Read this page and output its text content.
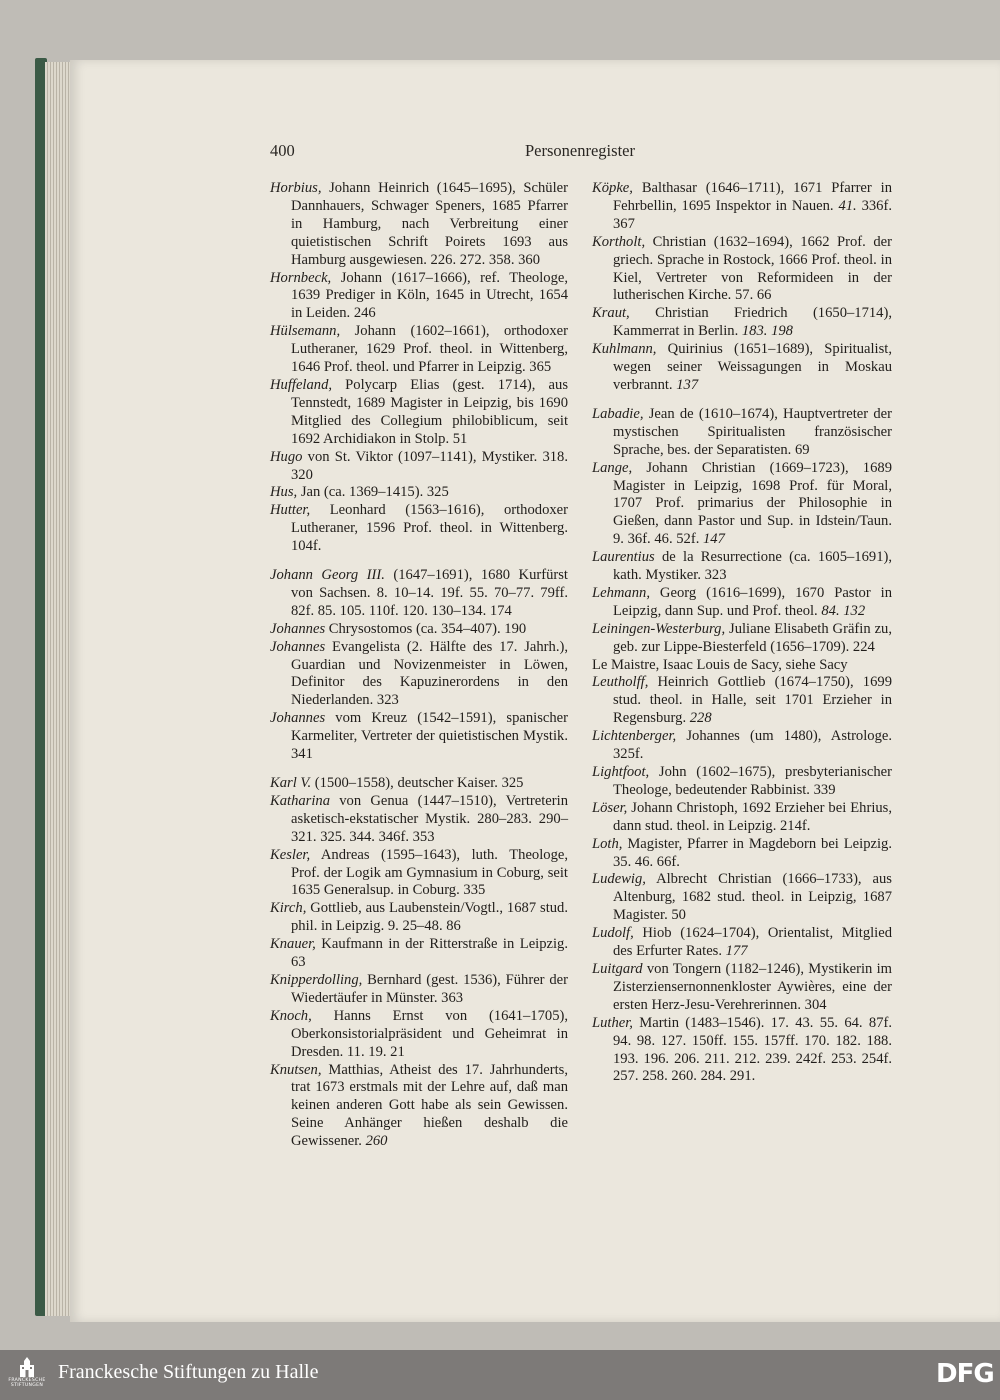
400	Personenregister
Horbius, Johann Heinrich (1645–1695), Schüler Dannhauers, Schwager Speners, 1685 Pfarrer in Hamburg, nach Verbreitung einer quietistischen Schrift Poirets 1693 aus Hamburg ausgewiesen. 226. 272. 358. 360
Hornbeck, Johann (1617–1666), ref. Theologe, 1639 Prediger in Köln, 1645 in Utrecht, 1654 in Leiden. 246
Hülsemann, Johann (1602–1661), orthodoxer Lutheraner, 1629 Prof. theol. in Wittenberg, 1646 Prof. theol. und Pfarrer in Leipzig. 365
Huffeland, Polycarp Elias (gest. 1714), aus Tennstedt, 1689 Magister in Leipzig, bis 1690 Mitglied des Collegium philobiblicum, seit 1692 Archidiakon in Stolp. 51
Hugo von St. Viktor (1097–1141), Mystiker. 318. 320
Hus, Jan (ca. 1369–1415). 325
Hutter, Leonhard (1563–1616), orthodoxer Lutheraner, 1596 Prof. theol. in Wittenberg. 104f.
Johann Georg III. (1647–1691), 1680 Kurfürst von Sachsen. 8. 10–14. 19f. 55. 70–77. 79ff. 82f. 85. 105. 110f. 120. 130–134. 174
Johannes Chrysostomos (ca. 354–407). 190
Johannes Evangelista (2. Hälfte des 17. Jahrh.), Guardian und Novizenmeister in Löwen, Definitor des Kapuzinerordens in den Niederlanden. 323
Johannes vom Kreuz (1542–1591), spanischer Karmeliter, Vertreter der quietistischen Mystik. 341
Karl V. (1500–1558), deutscher Kaiser. 325
Katharina von Genua (1447–1510), Vertreterin asketisch-ekstatischer Mystik. 280–283. 290–321. 325. 344. 346f. 353
Kesler, Andreas (1595–1643), luth. Theologe, Prof. der Logik am Gymnasium in Coburg, seit 1635 Generalsup. in Coburg. 335
Kirch, Gottlieb, aus Laubenstein/Vogtl., 1687 stud. phil. in Leipzig. 9. 25–48. 86
Knauer, Kaufmann in der Ritterstraße in Leipzig. 63
Knipperdolling, Bernhard (gest. 1536), Führer der Wiedertäufer in Münster. 363
Knoch, Hanns Ernst von (1641–1705), Oberkonsistorialpräsident und Geheimrat in Dresden. 11. 19. 21
Knutsen, Matthias, Atheist des 17. Jahrhunderts, trat 1673 erstmals mit der Lehre auf, daß man keinen anderen Gott habe als sein Gewissen. Seine Anhänger hießen deshalb die Gewissener. 260
Köpke, Balthasar (1646–1711), 1671 Pfarrer in Fehrbellin, 1695 Inspektor in Nauen. 41. 336f. 367
Kortholt, Christian (1632–1694), 1662 Prof. der griech. Sprache in Rostock, 1666 Prof. theol. in Kiel, Vertreter von Reformideen in der lutherischen Kirche. 57. 66
Kraut, Christian Friedrich (1650–1714), Kammerrat in Berlin. 183. 198
Kuhlmann, Quirinius (1651–1689), Spiritualist, wegen seiner Weissagungen in Moskau verbrannt. 137
Labadie, Jean de (1610–1674), Hauptvertreter der mystischen Spiritualisten französischer Sprache, bes. der Separatisten. 69
Lange, Johann Christian (1669–1723), 1689 Magister in Leipzig, 1698 Prof. für Moral, 1707 Prof. primarius der Philosophie in Gießen, dann Pastor und Sup. in Idstein/Taun. 9. 36f. 46. 52f. 147
Laurentius de la Resurrectione (ca. 1605–1691), kath. Mystiker. 323
Lehmann, Georg (1616–1699), 1670 Pastor in Leipzig, dann Sup. und Prof. theol. 84. 132
Leiningen-Westerburg, Juliane Elisabeth Gräfin zu, geb. zur Lippe-Biesterfeld (1656–1709). 224
Le Maistre, Isaac Louis de Sacy, siehe Sacy
Leutholff, Heinrich Gottlieb (1674–1750), 1699 stud. theol. in Halle, seit 1701 Erzieher in Regensburg. 228
Lichtenberger, Johannes (um 1480), Astrologe. 325f.
Lightfoot, John (1602–1675), presbyterianischer Theologe, bedeutender Rabbinist. 339
Löser, Johann Christoph, 1692 Erzieher bei Ehrius, dann stud. theol. in Leipzig. 214f.
Loth, Magister, Pfarrer in Magdeborn bei Leipzig. 35. 46. 66f.
Ludewig, Albrecht Christian (1666–1733), aus Altenburg, 1682 stud. theol. in Leipzig, 1687 Magister. 50
Ludolf, Hiob (1624–1704), Orientalist, Mitglied des Erfurter Rates. 177
Luitgard von Tongern (1182–1246), Mystikerin im Zisterziensernonnenkloster Aywières, eine der ersten Herz-Jesu-Verehrerinnen. 304
Luther, Martin (1483–1546). 17. 43. 55. 64. 87f. 94. 98. 127. 150ff. 155. 157ff. 170. 182. 188. 193. 196. 206. 211. 212. 239. 242f. 253. 254f. 257. 258. 260. 284. 291.
FRANCKESCHE
STIFTUNGEN
Franckesche Stiftungen zu Halle	DFG
